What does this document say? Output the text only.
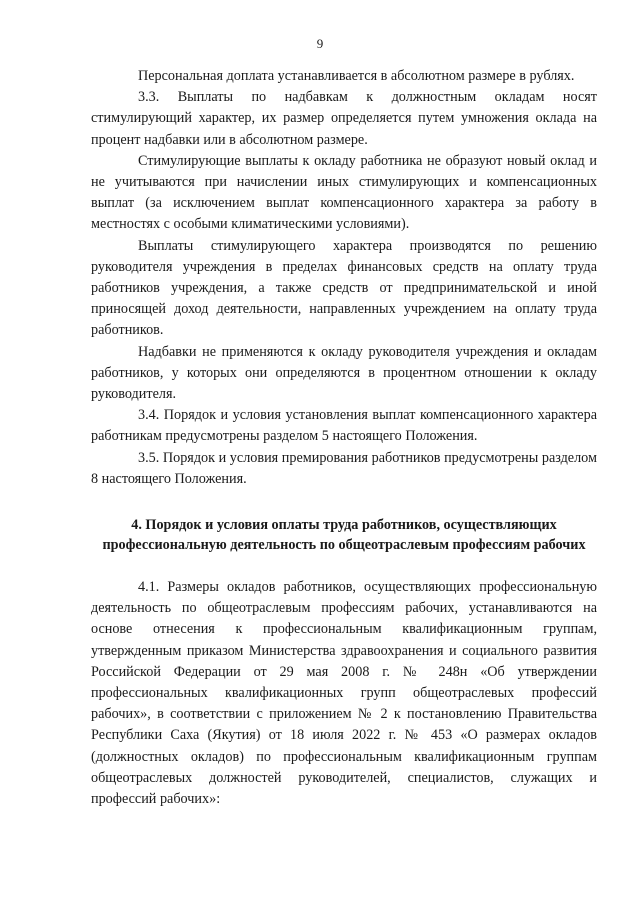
9

Персональная доплата устанавливается в абсолютном размере в рублях.

3.3. Выплаты по надбавкам к должностным окладам носят стимулирующий характер, их размер определяется путем умножения оклада на процент надбавки или в абсолютном размере.

Стимулирующие выплаты к окладу работника не образуют новый оклад и не учитываются при начислении иных стимулирующих и компенсационных выплат (за исключением выплат компенсационного характера за работу в местностях с особыми климатическими условиями).

Выплаты стимулирующего характера производятся по решению руководителя учреждения в пределах финансовых средств на оплату труда работников учреждения, а также средств от предпринимательской и иной приносящей доход деятельности, направленных учреждением на оплату труда работников.

Надбавки не применяются к окладу руководителя учреждения и окладам работников, у которых они определяются в процентном отношении к окладу руководителя.

3.4. Порядок и условия установления выплат компенсационного характера работникам предусмотрены разделом 5 настоящего Положения.

3.5. Порядок и условия премирования работников предусмотрены разделом 8 настоящего Положения.

4. Порядок и условия оплаты труда работников, осуществляющих профессиональную деятельность по общеотраслевым профессиям рабочих

4.1. Размеры окладов работников, осуществляющих профессиональную деятельность по общеотраслевым профессиям рабочих, устанавливаются на основе отнесения к профессиональным квалификационным группам, утвержденным приказом Министерства здравоохранения и социального развития Российской Федерации от 29 мая 2008 г. № 248н «Об утверждении профессиональных квалификационных групп общеотраслевых профессий рабочих», в соответствии с приложением № 2 к постановлению Правительства Республики Саха (Якутия) от 18 июля 2022 г. № 453 «О размерах окладов (должностных окладов) по профессиональным квалификационным группам общеотраслевых должностей руководителей, специалистов, служащих и профессий рабочих»:
